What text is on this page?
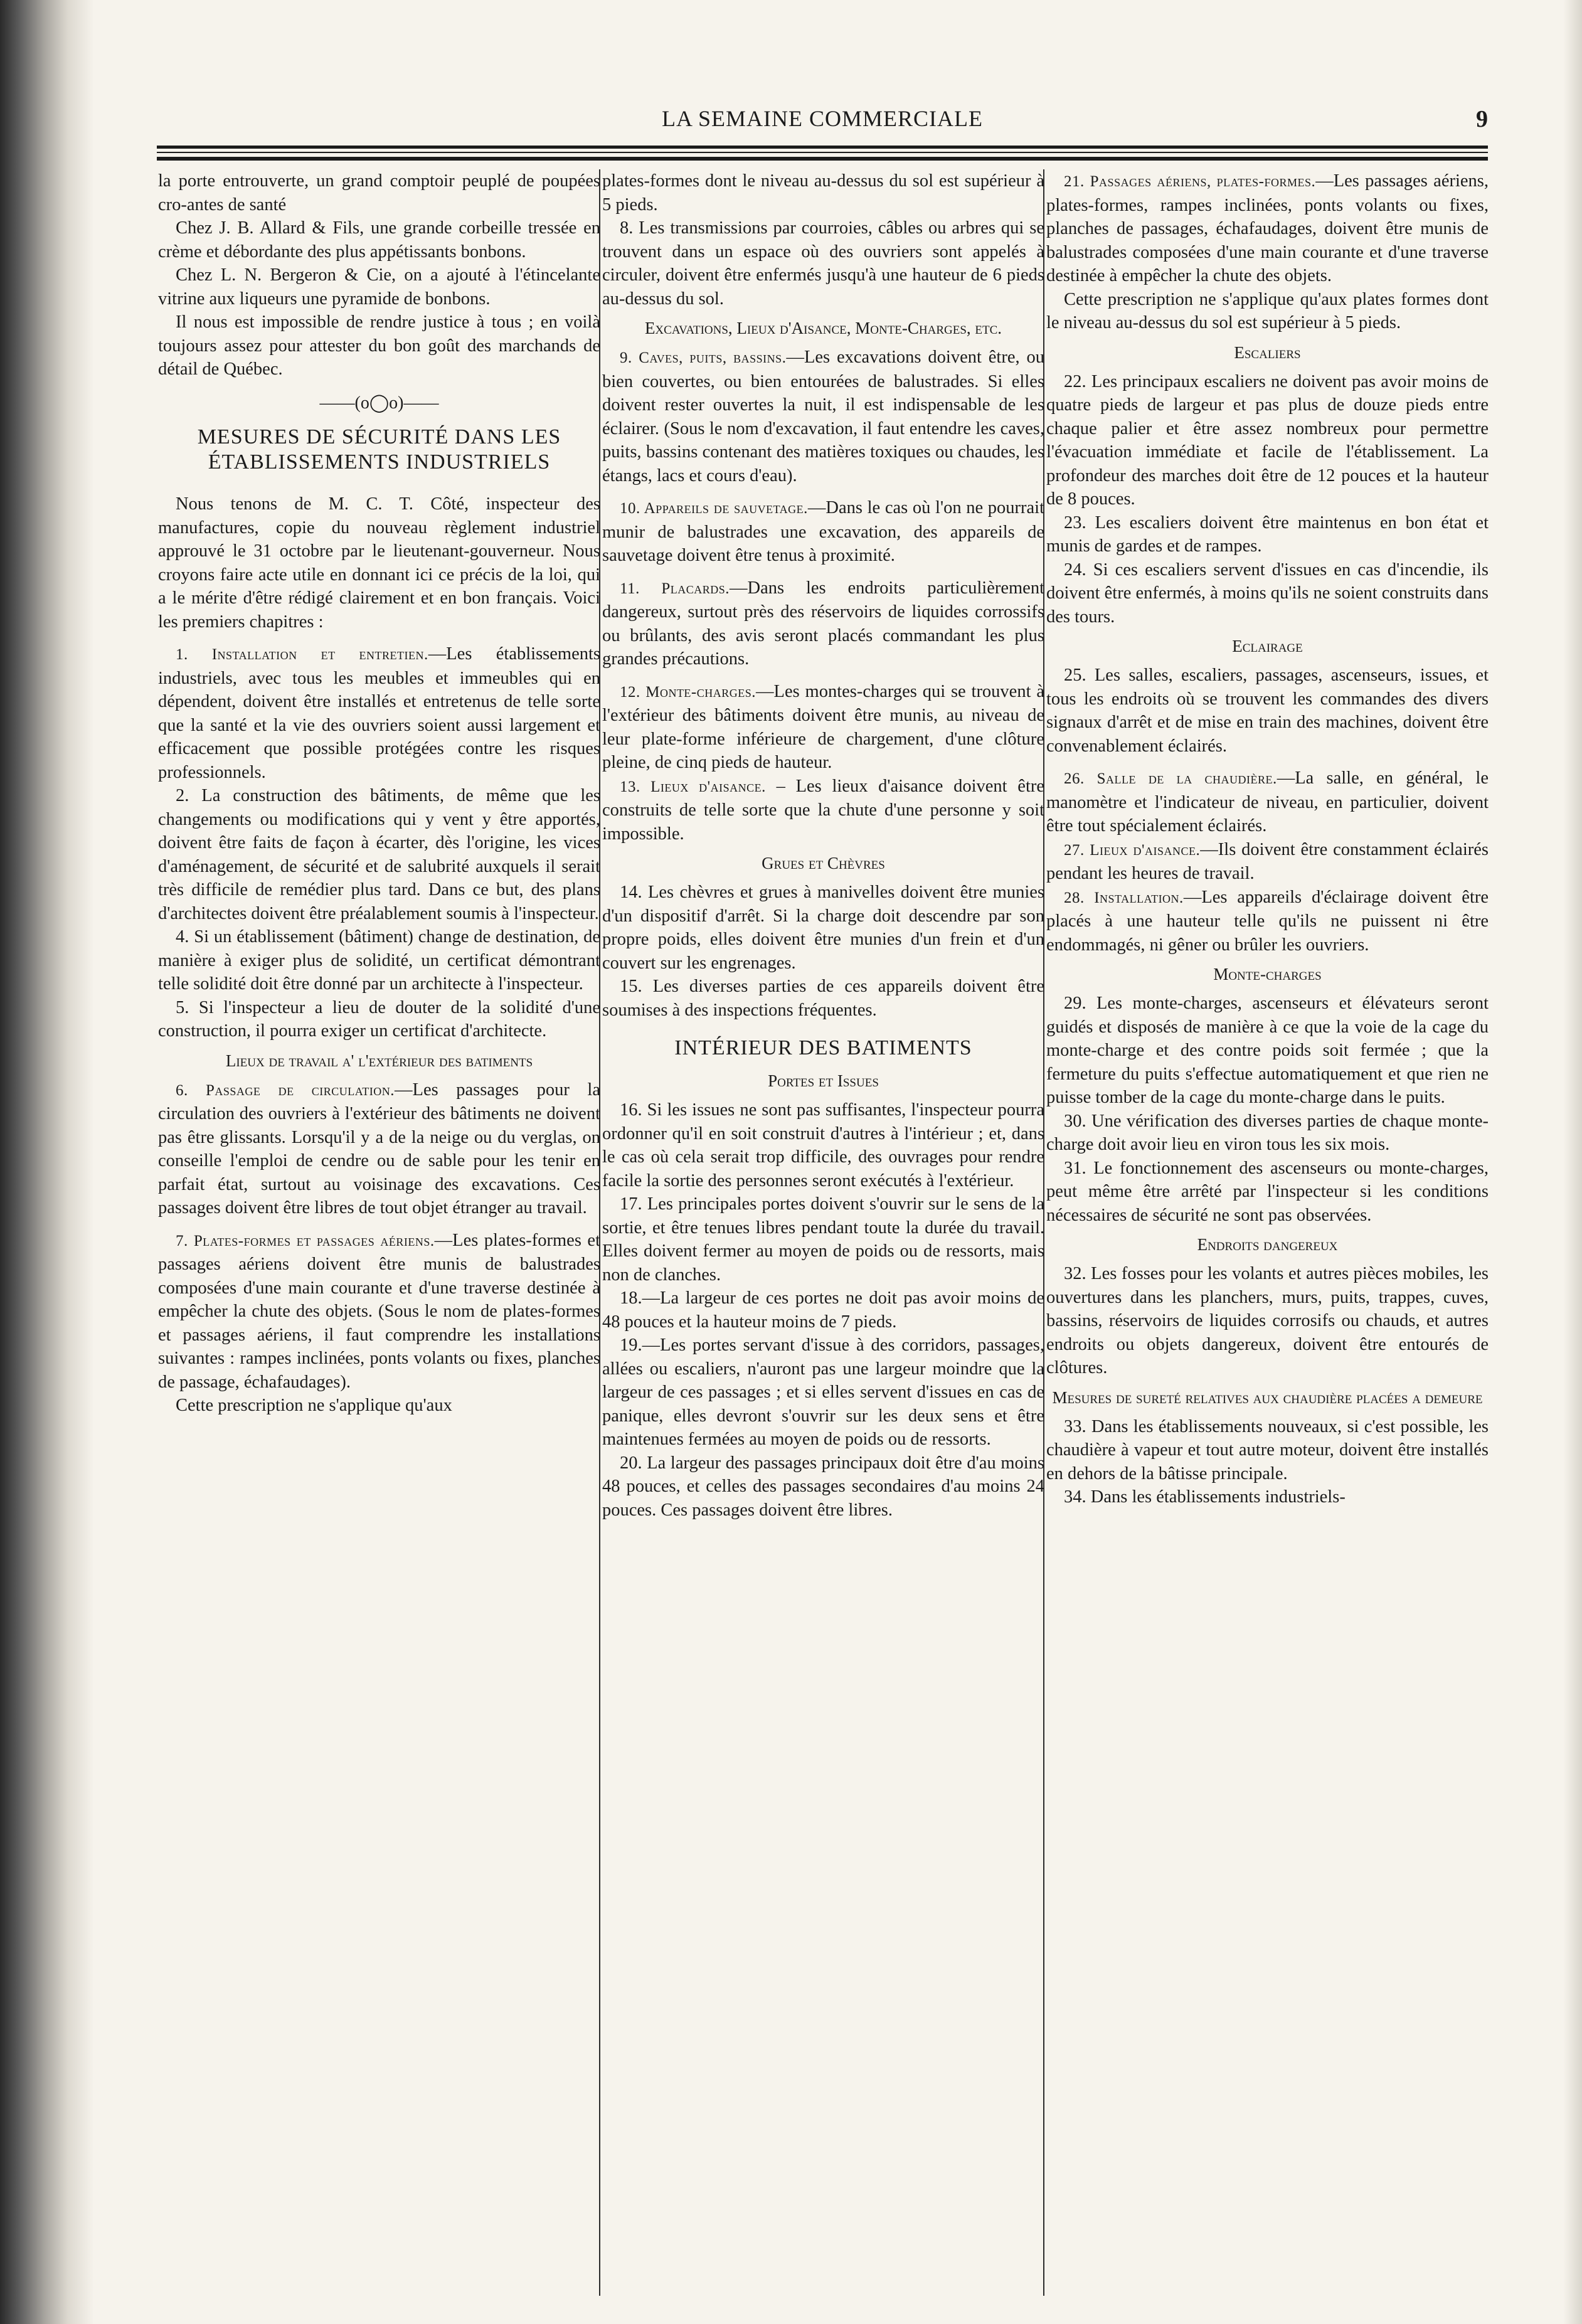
LA SEMAINE COMMERCIALE	9

la porte entrouverte, un grand comptoir peuplé de poupées cro-antes de santé

Chez J. B. Allard & Fils, une grande corbeille tressée en crème et débordante des plus appétissants bonbons.

Chez L. N. Bergeron & Cie, on a ajouté à l'étincelante vitrine aux liqueurs une pyramide de bonbons.

Il nous est impossible de rendre justice à tous ; en voilà toujours assez pour attester du bon goût des marchands de détail de Québec.

——(o◯o)——

MESURES DE SÉCURITÉ DANS LES ÉTABLISSEMENTS INDUSTRIELS

Nous tenons de M. C. T. Côté, inspecteur des manufactures, copie du nouveau règlement industriel approuvé le 31 octobre par le lieutenant-gouverneur. Nous croyons faire acte utile en donnant ici ce précis de la loi, qui a le mérite d'être rédigé clairement et en bon français. Voici les premiers chapitres :

1. Installation et entretien.—Les établissements industriels, avec tous les meubles et immeubles qui en dépendent, doivent être installés et entretenus de telle sorte que la santé et la vie des ouvriers soient aussi largement et efficacement que possible protégées contre les risques professionnels.

2. La construction des bâtiments, de même que les changements ou modifications qui y vent y être apportés, doivent être faits de façon à écarter, dès l'origine, les vices d'aménagement, de sécurité et de salubrité auxquels il serait très difficile de remédier plus tard. Dans ce but, des plans d'architectes doivent être préalablement soumis à l'inspecteur.

4. Si un établissement (bâtiment) change de destination, de manière à exiger plus de solidité, un certificat démontrant telle solidité doit être donné par un architecte à l'inspecteur.

5. Si l'inspecteur a lieu de douter de la solidité d'une construction, il pourra exiger un certificat d'architecte.

Lieux de travail a' l'extérieur des batiments

6. Passage de circulation.—Les passages pour la circulation des ouvriers à l'extérieur des bâtiments ne doivent pas être glissants. Lorsqu'il y a de la neige ou du verglas, on conseille l'emploi de cendre ou de sable pour les tenir en parfait état, surtout au voisinage des excavations. Ces passages doivent être libres de tout objet étranger au travail.

7. Plates-formes et passages aériens.—Les plates-formes et passages aériens doivent être munis de balustrades composées d'une main courante et d'une traverse destinée à empêcher la chute des objets. (Sous le nom de plates-formes et passages aériens, il faut comprendre les installations suivantes : rampes inclinées, ponts volants ou fixes, planches de passage, échafaudages).

Cette prescription ne s'applique qu'aux

plates-formes dont le niveau au-dessus du sol est supérieur à 5 pieds.

8. Les transmissions par courroies, câbles ou arbres qui se trouvent dans un espace où des ouvriers sont appelés à circuler, doivent être enfermés jusqu'à une hauteur de 6 pieds au-dessus du sol.

Excavations, Lieux d'Aisance, Monte-Charges, etc.

9. Caves, puits, bassins.—Les excavations doivent être, ou bien couvertes, ou bien entourées de balustrades. Si elles doivent rester ouvertes la nuit, il est indispensable de les éclairer. (Sous le nom d'excavation, il faut entendre les caves, puits, bassins contenant des matières toxiques ou chaudes, les étangs, lacs et cours d'eau).

10. Appareils de sauvetage.—Dans le cas où l'on ne pourrait munir de balustrades une excavation, des appareils de sauvetage doivent être tenus à proximité.

11. Placards.—Dans les endroits particulièrement dangereux, surtout près des réservoirs de liquides corrossifs ou brûlants, des avis seront placés commandant les plus grandes précautions.

12. Monte-charges.—Les montes-charges qui se trouvent à l'extérieur des bâtiments doivent être munis, au niveau de leur plate-forme inférieure de chargement, d'une clôture pleine, de cinq pieds de hauteur.

13. Lieux d'aisance. – Les lieux d'aisance doivent être construits de telle sorte que la chute d'une personne y soit impossible.

Grues et Chèvres

14. Les chèvres et grues à manivelles doivent être munies d'un dispositif d'arrêt. Si la charge doit descendre par son propre poids, elles doivent être munies d'un frein et d'un couvert sur les engrenages.

15. Les diverses parties de ces appareils doivent être soumises à des inspections fréquentes.

INTÉRIEUR DES BATIMENTS

Portes et Issues

16. Si les issues ne sont pas suffisantes, l'inspecteur pourra ordonner qu'il en soit construit d'autres à l'intérieur ; et, dans le cas où cela serait trop difficile, des ouvrages pour rendre facile la sortie des personnes seront exécutés à l'extérieur.

17. Les principales portes doivent s'ouvrir sur le sens de la sortie, et être tenues libres pendant toute la durée du travail. Elles doivent fermer au moyen de poids ou de ressorts, mais non de clanches.

18.—La largeur de ces portes ne doit pas avoir moins de 48 pouces et la hauteur moins de 7 pieds.

19.—Les portes servant d'issue à des corridors, passages, allées ou escaliers, n'auront pas une largeur moindre que la largeur de ces passages ; et si elles servent d'issues en cas de panique, elles devront s'ouvrir sur les deux sens et être maintenues fermées au moyen de poids ou de ressorts.

20. La largeur des passages principaux doit être d'au moins 48 pouces, et celles des passages secondaires d'au moins 24 pouces. Ces passages doivent être libres.

21. Passages aériens, plates-formes.—Les passages aériens, plates-formes, rampes inclinées, ponts volants ou fixes, planches de passages, échafaudages, doivent être munis de balustrades composées d'une main courante et d'une traverse destinée à empêcher la chute des objets.

Cette prescription ne s'applique qu'aux plates formes dont le niveau au-dessus du sol est supérieur à 5 pieds.

Escaliers

22. Les principaux escaliers ne doivent pas avoir moins de quatre pieds de largeur et pas plus de douze pieds entre chaque palier et être assez nombreux pour permettre l'évacuation immédiate et facile de l'établissement. La profondeur des marches doit être de 12 pouces et la hauteur de 8 pouces.

23. Les escaliers doivent être maintenus en bon état et munis de gardes et de rampes.

24. Si ces escaliers servent d'issues en cas d'incendie, ils doivent être enfermés, à moins qu'ils ne soient construits dans des tours.

Eclairage

25. Les salles, escaliers, passages, ascenseurs, issues, et tous les endroits où se trouvent les commandes des divers signaux d'arrêt et de mise en train des machines, doivent être convenablement éclairés.

26. Salle de la chaudière.—La salle, en général, le manomètre et l'indicateur de niveau, en particulier, doivent être tout spécialement éclairés.

27. Lieux d'aisance.—Ils doivent être constamment éclairés pendant les heures de travail.

28. Installation.—Les appareils d'éclairage doivent être placés à une hauteur telle qu'ils ne puissent ni être endommagés, ni gêner ou brûler les ouvriers.

Monte-charges

29. Les monte-charges, ascenseurs et élévateurs seront guidés et disposés de manière à ce que la voie de la cage du monte-charge et des contre poids soit fermée ; que la fermeture du puits s'effectue automatiquement et que rien ne puisse tomber de la cage du monte-charge dans le puits.

30. Une vérification des diverses parties de chaque monte-charge doit avoir lieu en viron tous les six mois.

31. Le fonctionnement des ascenseurs ou monte-charges, peut même être arrêté par l'inspecteur si les conditions nécessaires de sécurité ne sont pas observées.

Endroits dangereux

32. Les fosses pour les volants et autres pièces mobiles, les ouvertures dans les planchers, murs, puits, trappes, cuves, bassins, réservoirs de liquides corrosifs ou chauds, et autres endroits ou objets dangereux, doivent être entourés de clôtures.

Mesures de sureté relatives aux chaudière placées a demeure

33. Dans les établissements nouveaux, si c'est possible, les chaudière à vapeur et tout autre moteur, doivent être installés en dehors de la bâtisse principale.

34. Dans les établissements industriels-
